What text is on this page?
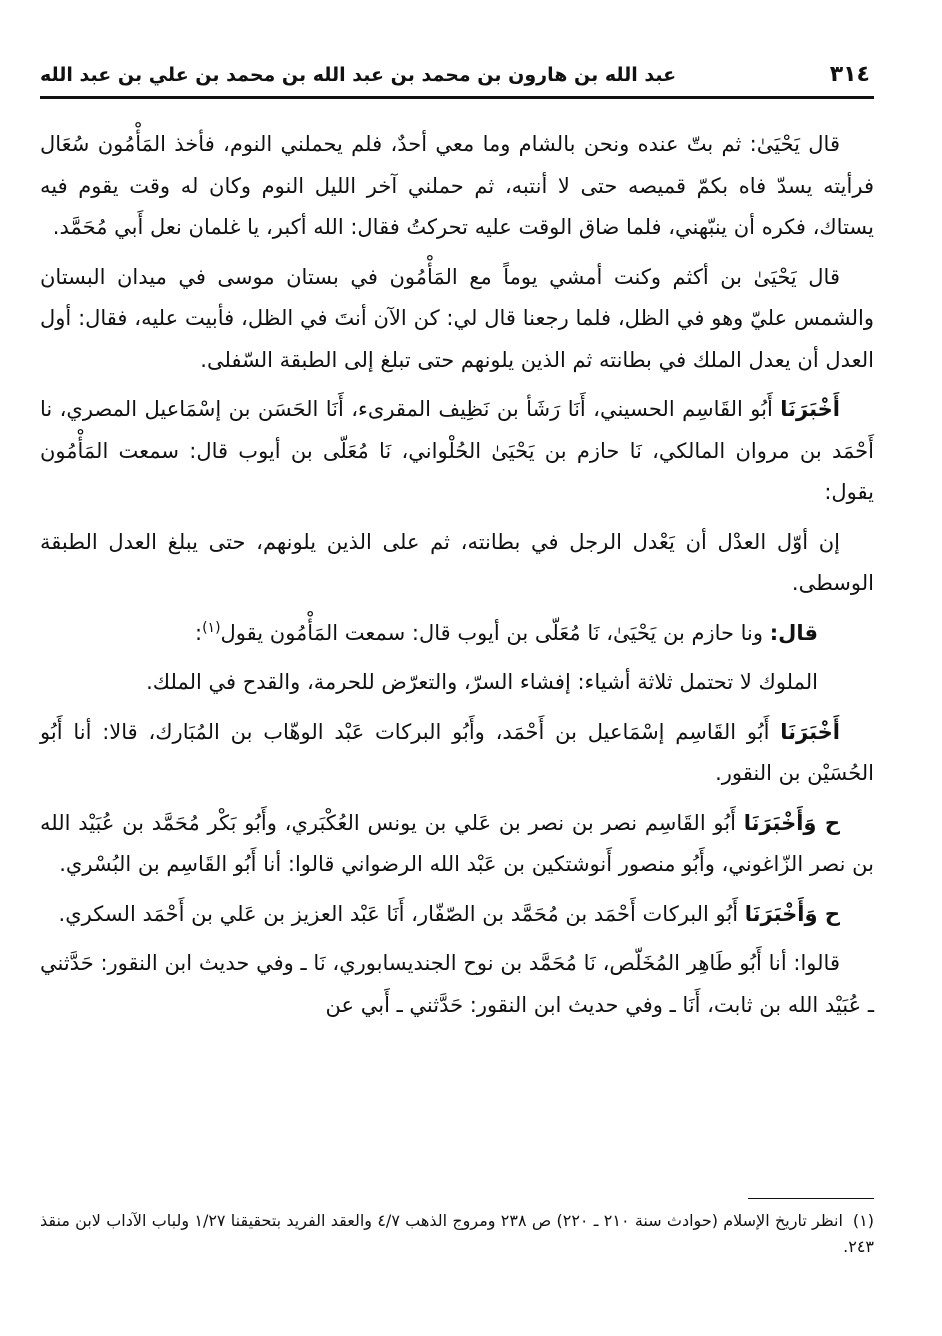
٣١٤
عبد الله بن هارون بن محمد بن عبد الله بن محمد بن علي بن عبد الله

قال يَحْيَىٰ: ثم بتّ عنده ونحن بالشام وما معي أحدٌ، فلم يحملني النوم، فأخذ المَأْمُون سُعَال فرأيته يسدّ فاه بكمّ قميصه حتى لا أنتبه، ثم حملني آخر الليل النوم وكان له وقت يقوم فيه يستاك، فكره أن ينبّهني، فلما ضاق الوقت عليه تحركتُ فقال: الله أكبر، يا غلمان نعل أَبي مُحَمَّد.

قال يَحْيَىٰ بن أكثم وكنت أمشي يوماً مع المَأْمُون في بستان موسى في ميدان البستان والشمس عليّ وهو في الظل، فلما رجعنا قال لي: كن الآن أنتَ في الظل، فأبيت عليه، فقال: أول العدل أن يعدل الملك في بطانته ثم الذين يلونهم حتى تبلغ إلى الطبقة السّفلى.

أَخْبَرَنَا أَبُو القَاسِم الحسيني، أَنَا رَشَأ بن نَظِيف المقرىء، أَنَا الحَسَن بن إسْمَاعيل المصري، نا أَحْمَد بن مروان المالكي، نَا حازم بن يَحْيَىٰ الحُلْواني، نَا مُعَلّى بن أيوب قال: سمعت المَأْمُون يقول:

إن أوّل العدْل أن يَعْدل الرجل في بطانته، ثم على الذين يلونهم، حتى يبلغ العدل الطبقة الوسطى.

قال: ونا حازم بن يَحْيَىٰ، نَا مُعَلّى بن أيوب قال: سمعت المَأْمُون يقول$^{(١)}$:

الملوك لا تحتمل ثلاثة أشياء: إفشاء السرّ، والتعرّض للحرمة، والقدح في الملك.

أَخْبَرَنَا أَبُو القَاسِم إسْمَاعيل بن أَحْمَد، وأَبُو البركات عَبْد الوهّاب بن المُبَارك، قالا: أنا أَبُو الحُسَيْن بن النقور.

ح وَأَخْبَرَنَا أَبُو القَاسِم نصر بن نصر بن عَلي بن يونس العُكْبَري، وأَبُو بَكْر مُحَمَّد بن عُبَيْد الله بن نصر الزّاغوني، وأَبُو منصور أَنوشتكين بن عَبْد الله الرضواني قالوا: أنا أَبُو القَاسِم بن البُسْري.

ح وَأَخْبَرَنَا أَبُو البركات أَحْمَد بن مُحَمَّد بن الصّفّار، أَنَا عَبْد العزيز بن عَلي بن أَحْمَد السكري.

قالوا: أنا أَبُو طَاهِر المُخَلّص، نَا مُحَمَّد بن نوح الجنديسابوري، نَا ـ وفي حديث ابن النقور: حَدَّثني ـ عُبَيْد الله بن ثابت، أَنَا ـ وفي حديث ابن النقور: حَدَّثني ـ أَبي عن

(١)انظر تاريخ الإسلام (حوادث سنة ٢١٠ ـ ٢٢٠) ص ٢٣٨ ومروج الذهب ٤/٧ والعقد الفريد بتحقيقنا ١/٢٧ ولباب الآداب لابن منقذ ٢٤٣.
